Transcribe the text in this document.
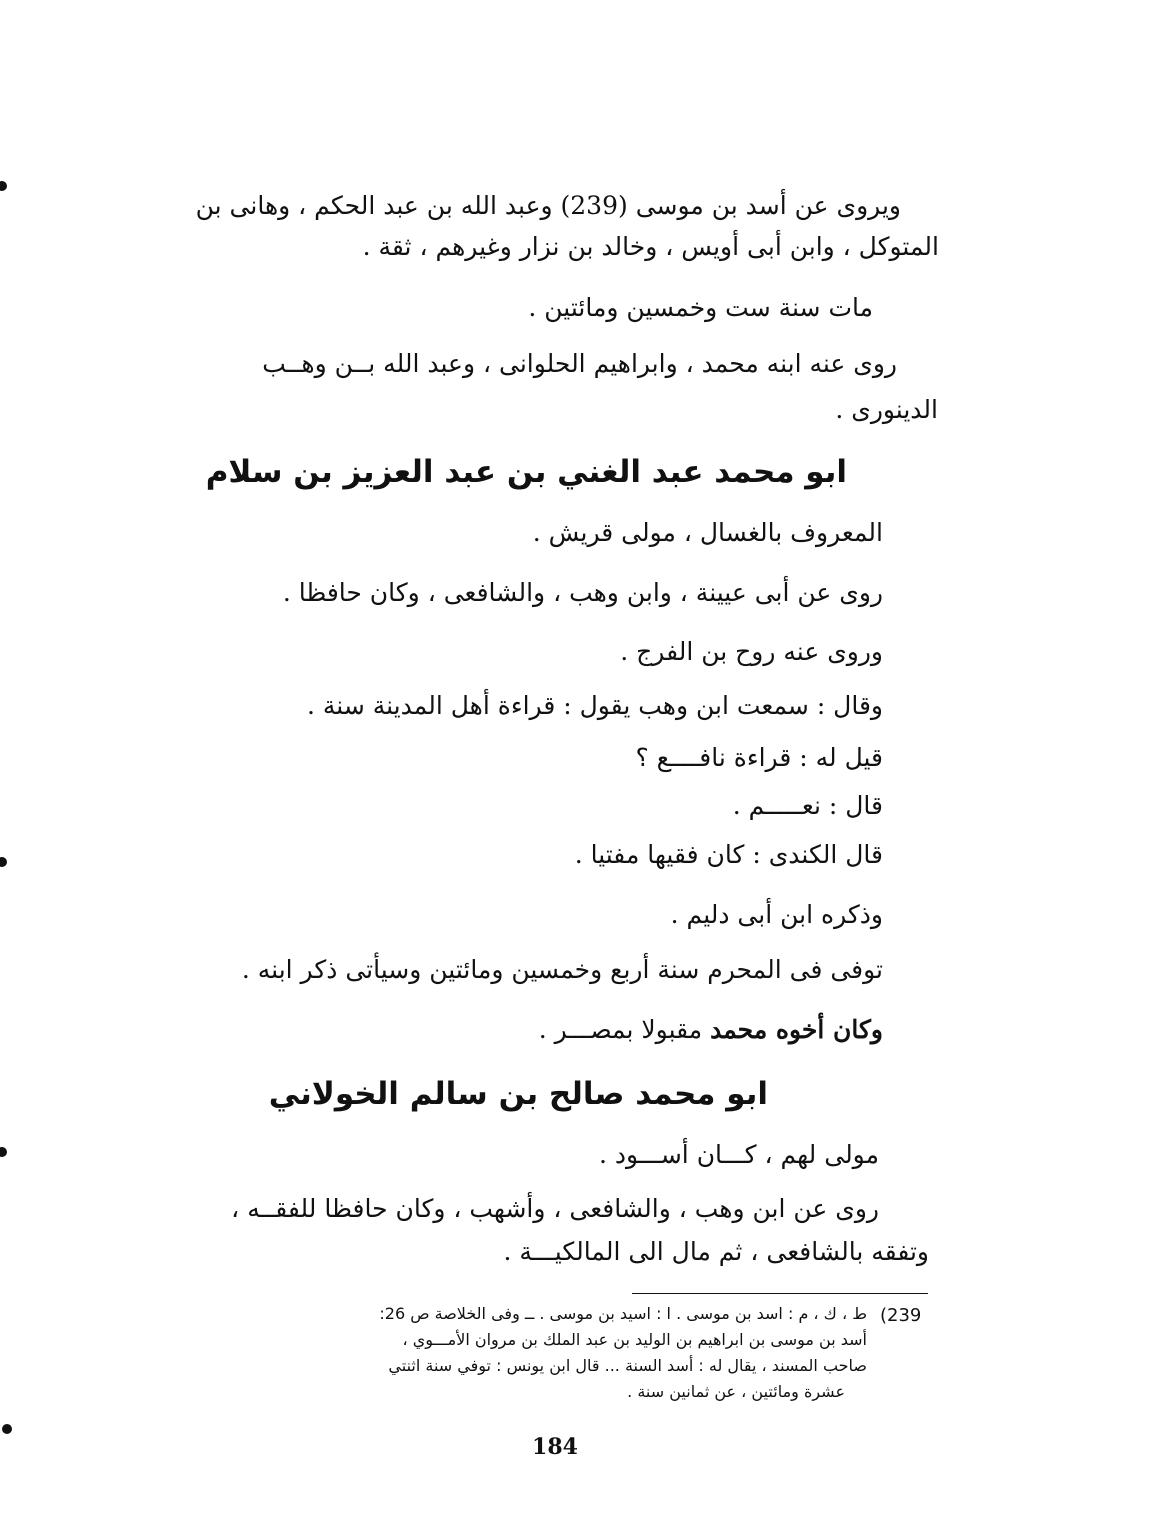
ويروى عن أسد بن موسى (239) وعبد الله بن عبد الحكم ، وهانى بن
المتوكل ، وابن أبى أويس ، وخالد بن نزار وغيرهم ، ثقة .
مات سنة ست وخمسين ومائتين .
روى عنه ابنه محمد ، وابراهيم الحلوانى ، وعبد الله بــن وهــب
الدينورى .
ابو محمد عبد الغني بن عبد العزيز بن سلام
المعروف بالغسال ، مولى قريش .
روى عن أبى عيينة ، وابن وهب ، والشافعى ، وكان حافظا .
وروى عنه روح بن الفرج .
وقال : سمعت ابن وهب يقول : قراءة أهل المدينة سنة .
قيل له : قراءة نافــــع ؟
قال : نعـــــم .
قال الكندى : كان فقيها مفتيا .
وذكره ابن أبى دليم .
توفى فى المحرم سنة أربع وخمسين ومائتين وسيأتى ذكر ابنه .
وكان أخوه محمد مقبولا بمصـــر .
ابو محمد صالح بن سالم الخولاني
مولى لهم ، كـــان أســـود .
روى عن ابن وهب ، والشافعى ، وأشهب ، وكان حافظا للفقــه ،
وتفقه بالشافعى ، ثم مال الى المالكيـــة .
(239
ط ، ك ، م : اسد بن موسى . ا : اسيد بن موسى . ــ وفى الخلاصة ص 26:
أسد بن موسى بن ابراهيم بن الوليد بن عبد الملك بن مروان الأمـــوي ،
صاحب المسند ، يقال له : أسد السنة ... قال ابن يونس : توفي سنة اثنتي
عشرة ومائتين ، عن ثمانين سنة .
184
